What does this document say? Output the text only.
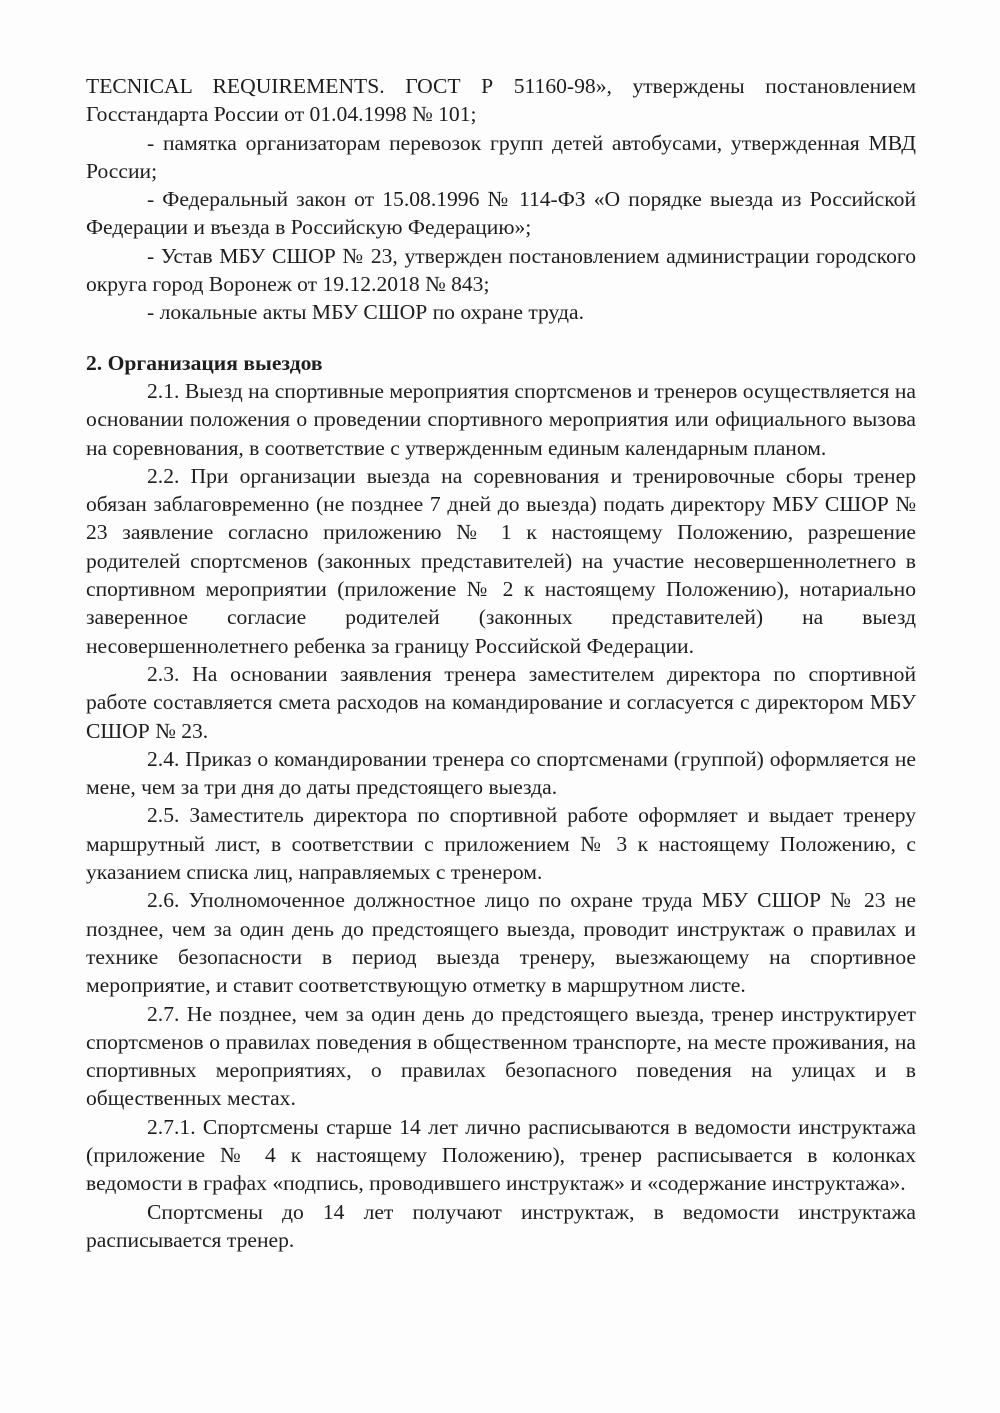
TECNICAL REQUIREMENTS. ГОСТ Р 51160-98», утверждены постановлением Госстандарта России от 01.04.1998 № 101;

- памятка организаторам перевозок групп детей автобусами, утвержденная МВД России;

- Федеральный закон от 15.08.1996 № 114-ФЗ «О порядке выезда из Российской Федерации и въезда в Российскую Федерацию»;

- Устав МБУ СШОР № 23, утвержден постановлением администрации городского округа город Воронеж от 19.12.2018 № 843;

- локальные акты МБУ СШОР по охране труда.

2. Организация выездов

2.1. Выезд на спортивные мероприятия спортсменов и тренеров осуществляется на основании положения о проведении спортивного мероприятия или официального вызова на соревнования, в соответствие с утвержденным единым календарным планом.

2.2. При организации выезда на соревнования и тренировочные сборы тренер обязан заблаговременно (не позднее 7 дней до выезда) подать директору МБУ СШОР № 23 заявление согласно приложению № 1 к настоящему Положению, разрешение родителей спортсменов (законных представителей) на участие несовершеннолетнего в спортивном мероприятии (приложение № 2 к настоящему Положению), нотариально заверенное согласие родителей (законных представителей) на выезд несовершеннолетнего ребенка за границу Российской Федерации.

2.3. На основании заявления тренера заместителем директора по спортивной работе составляется смета расходов на командирование и согласуется с директором МБУ СШОР № 23.

2.4. Приказ о командировании тренера со спортсменами (группой) оформляется не мене, чем за три дня до даты предстоящего выезда.

2.5. Заместитель директора по спортивной работе оформляет и выдает тренеру маршрутный лист, в соответствии с приложением № 3 к настоящему Положению, с указанием списка лиц, направляемых с тренером.

2.6. Уполномоченное должностное лицо по охране труда МБУ СШОР № 23 не позднее, чем за один день до предстоящего выезда, проводит инструктаж о правилах и технике безопасности в период выезда тренеру, выезжающему на спортивное мероприятие, и ставит соответствующую отметку в маршрутном листе.

2.7. Не позднее, чем за один день до предстоящего выезда, тренер инструктирует спортсменов о правилах поведения в общественном транспорте, на месте проживания, на спортивных мероприятиях, о правилах безопасного поведения на улицах и в общественных местах.

2.7.1. Спортсмены старше 14 лет лично расписываются в ведомости инструктажа (приложение № 4 к настоящему Положению), тренер расписывается в колонках ведомости в графах «подпись, проводившего инструктаж» и «содержание инструктажа».

Спортсмены до 14 лет получают инструктаж, в ведомости инструктажа расписывается тренер.
